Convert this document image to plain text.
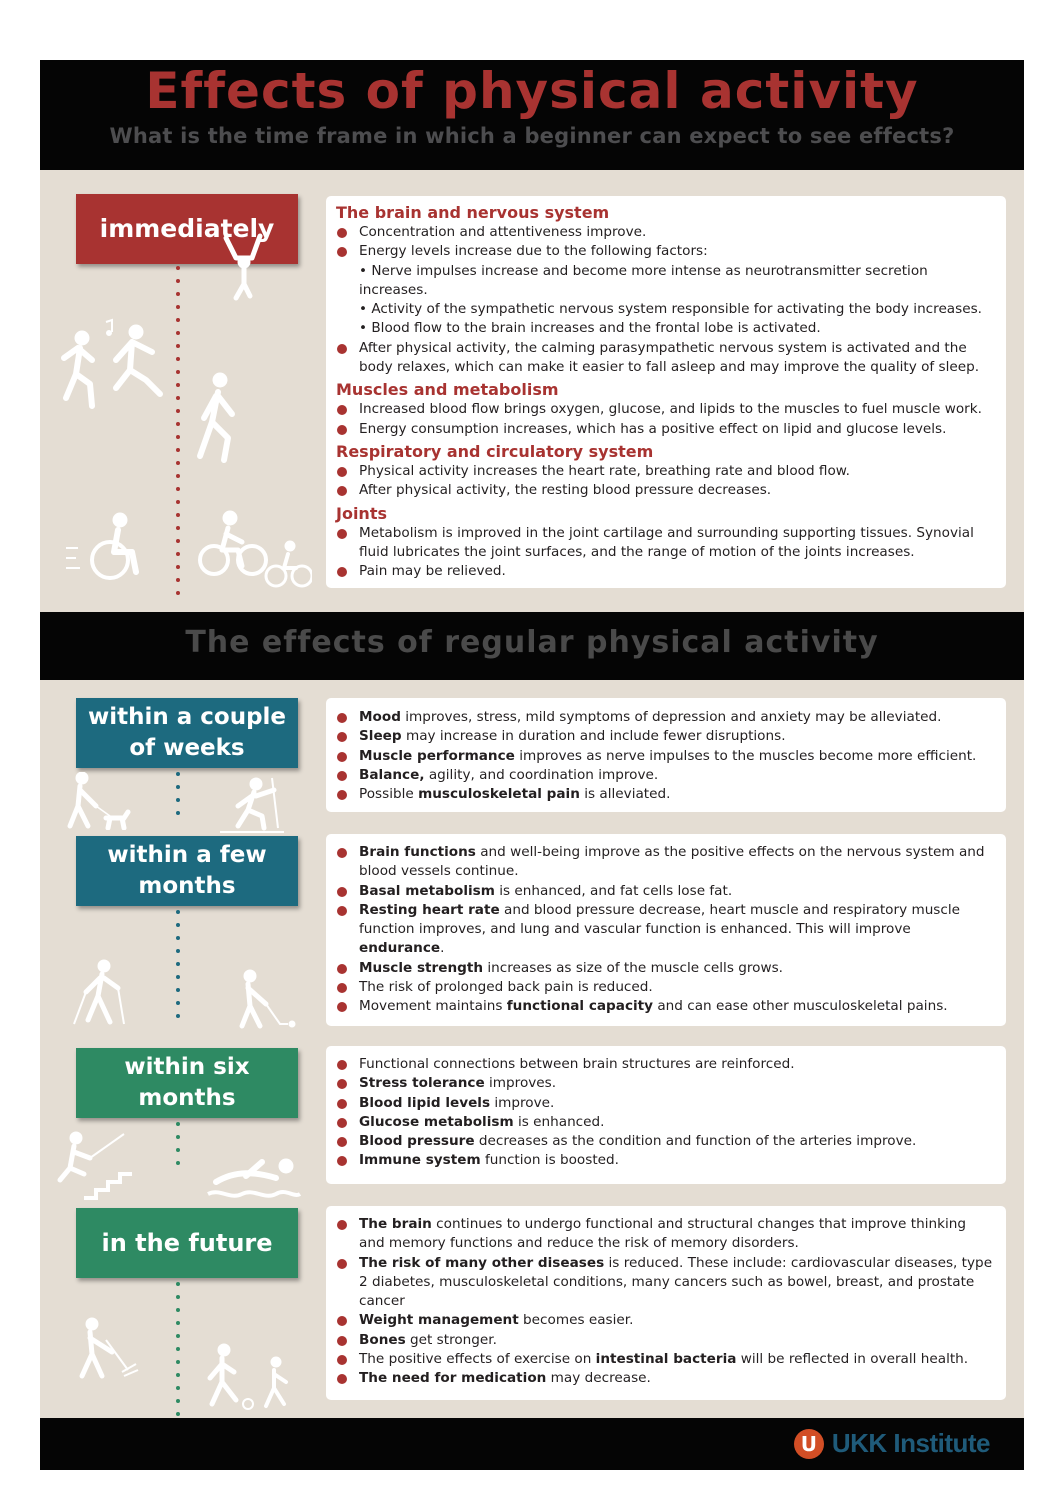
Effects of physical activity
What is the time frame in which a beginner can expect to see effects?
immediately
The brain and nervous system
Concentration and attentiveness improve.
Energy levels increase due to the following factors:
• Nerve impulses increase and become more intense as neurotransmitter secretion increases.
• Activity of the sympathetic nervous system responsible for activating the body increases.
• Blood flow to the brain increases and the frontal lobe is activated.
After physical activity, the calming parasympathetic nervous system is activated and the body relaxes, which can make it easier to fall asleep and may improve the quality of sleep.
Muscles and metabolism
Increased blood flow brings oxygen, glucose, and lipids to the muscles to fuel muscle work.
Energy consumption increases, which has a positive effect on lipid and glucose levels.
Respiratory and circulatory system
Physical activity increases the heart rate, breathing rate and blood flow.
After physical activity, the resting blood pressure decreases.
Joints
Metabolism is improved in the joint cartilage and surrounding supporting tissues. Synovial fluid lubricates the joint surfaces, and the range of motion of the joints increases.
Pain may be relieved.
The effects of regular physical activity
within a couple
of weeks
Mood improves, stress, mild symptoms of depression and anxiety may be alleviated.
Sleep may increase in duration and include fewer disruptions.
Muscle performance improves as nerve impulses to the muscles become more efficient.
Balance, agility, and coordination improve.
Possible musculoskeletal pain is alleviated.
within a few
months
Brain functions and well-being improve as the positive effects on the nervous system and blood vessels continue.
Basal metabolism is enhanced, and fat cells lose fat.
Resting heart rate and blood pressure decrease, heart muscle and respiratory muscle function improves, and lung and vascular function is enhanced. This will improve endurance.
Muscle strength increases as size of the muscle cells grows.
The risk of prolonged back pain is reduced.
Movement maintains functional capacity and can ease other musculoskeletal pains.
within six
months
Functional connections between brain structures are reinforced.
Stress tolerance improves.
Blood lipid levels improve.
Glucose metabolism is enhanced.
Blood pressure decreases as the condition and function of the arteries improve.
Immune system function is boosted.
in the future
The brain continues to undergo functional and structural changes that improve thinking and memory functions and reduce the risk of memory disorders.
The risk of many other diseases is reduced. These include: cardiovascular diseases, type 2 diabetes, musculoskeletal conditions, many cancers such as bowel, breast, and prostate cancer
Weight management becomes easier.
Bones get stronger.
The positive effects of exercise on intestinal bacteria will be reflected in overall health.
The need for medication may decrease.
U UKK Institute
